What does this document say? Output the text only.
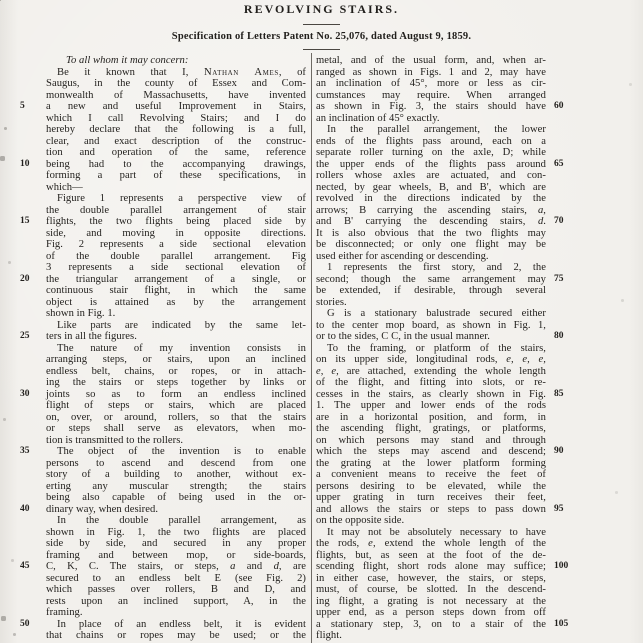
REVOLVING STAIRS.
Specification of Letters Patent No. 25,076, dated August 9, 1859.
To all whom it may concern:
Be it known that I, Nathan Ames, of
Saugus, in the county of Essex and Com-
monwealth of Massachusetts, have invented
5	a new and useful Improvement in Stairs,
which I call Revolving Stairs; and I do
hereby declare that the following is a full,
clear, and exact description of the construc-
tion and operation of the same, reference
10	being had to the accompanying drawings,
forming a part of these specifications, in
which—
Figure 1 represents a perspective view of
the double parallel arrangement of stair
15	flights, the two flights being placed side by
side, and moving in opposite directions.
Fig. 2 represents a side sectional elevation
of the double parallel arrangement. Fig
3 represents a side sectional elevation of
20	the triangular arrangement of a single, or
continuous stair flight, in which the same
object is attained as by the arrangement
shown in Fig. 1.
Like parts are indicated by the same let-
25	ters in all the figures.
The nature of my invention consists in
arranging steps, or stairs, upon an inclined
endless belt, chains, or ropes, or in attach-
ing the stairs or steps together by links or
30	joints so as to form an endless inclined
flight of steps or stairs, which are placed
on, over, or around, rollers, so that the stairs
or steps shall serve as elevators, when mo-
tion is transmitted to the rollers.
35	The object of the invention is to enable
persons to ascend and descend from one
story of a building to another, without ex-
erting any muscular strength; the stairs
being also capable of being used in the or-
40	dinary way, when desired.
In the double parallel arrangement, as
shown in Fig. 1, the two flights are placed
side by side, and secured in any proper
framing and between mop, or side-boards,
45	C, K, C. The stairs, or steps, a and d, are
secured to an endless belt E (see Fig. 2)
which passes over rollers, B and D, and
rests upon an inclined support, A, in the
framing.
50	In place of an endless belt, it is evident
that chains or ropes may be used; or the
metal, and of the usual form, and, when ar-
ranged as shown in Figs. 1 and 2, may have
an inclination of 45°, more or less as cir-
cumstances may require. When arranged
60
as shown in Fig. 3, the stairs should have
an inclination of 45° exactly.
In the parallel arrangement, the lower
ends of the flights pass around, each on a
separate roller turning on the axle, D; while
65
the upper ends of the flights pass around
rollers whose axles are actuated, and con-
nected, by gear wheels, B, and B', which are
revolved in the directions indicated by the
arrows; B carrying the ascending stairs, a,
70
and B' carrying the descending stairs, d.
It is also obvious that the two flights may
be disconnected; or only one flight may be
used either for ascending or descending.
1 represents the first story, and 2, the
75
second; though the same arrangement may
be extended, if desirable, through several
stories.
G is a stationary balustrade secured either
to the center mop board, as shown in Fig. 1,
80
or to the sides, C C, in the usual manner.
To the framing, or platform of the stairs,
on its upper side, longitudinal rods, e, e, e,
e, e, are attached, extending the whole length
of the flight, and fitting into slots, or re-
85
cesses in the stairs, as clearly shown in Fig.
1. The upper and lower ends of the rods
are in a horizontal position, and form, in
the ascending flight, gratings, or platforms,
on which persons may stand and through
90
which the steps may ascend and descend;
the grating at the lower platform forming
a convenient means to receive the feet of
persons desiring to be elevated, while the
upper grating in turn receives their feet,
95
and allows the stairs or steps to pass down
on the opposite side.
It may not be absolutely necessary to have
the rods, e, extend the whole length of the
flights, but, as seen at the foot of the de-
100
scending flight, short rods alone may suffice;
in either case, however, the stairs, or steps,
must, of course, be slotted. In the descend-
ing flight, a grating is not necessary at the
upper end, as a person steps down from off
105
a stationary step, 3, on to a stair of the
flight.
